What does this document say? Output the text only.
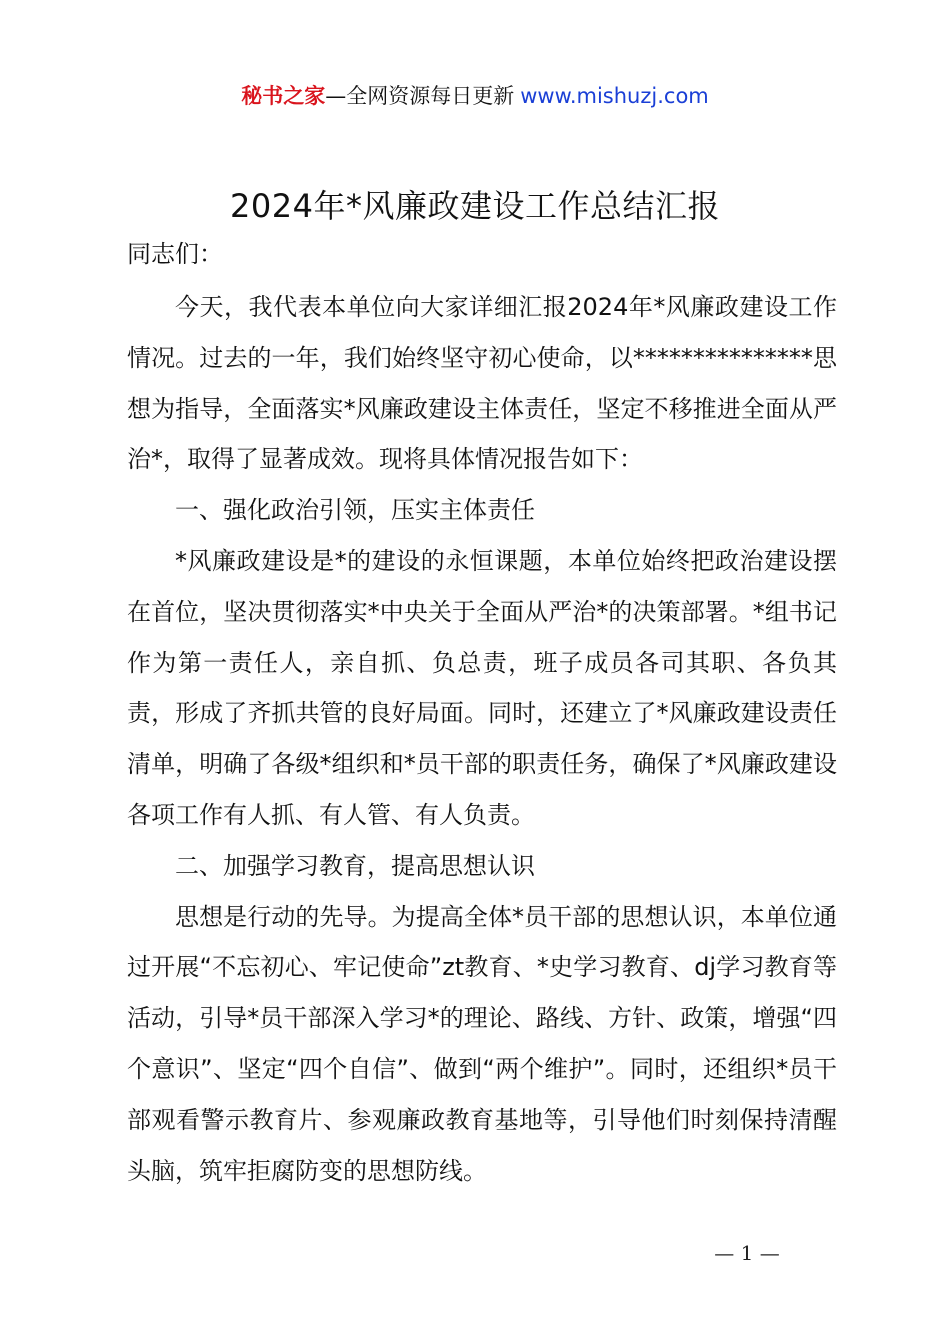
秘书之家—全网资源每日更新 www.mishuzj.com
2024年*风廉政建设工作总结汇报

同志们：

今天，我代表本单位向大家详细汇报2024年*风廉政建设工作情况。过去的一年，我们始终坚守初心使命，以***************思想为指导，全面落实*风廉政建设主体责任，坚定不移推进全面从严治*，取得了显著成效。现将具体情况报告如下：

一、强化政治引领，压实主体责任

*风廉政建设是*的建设的永恒课题，本单位始终把政治建设摆在首位，坚决贯彻落实*中央关于全面从严治*的决策部署。*组书记作为第一责任人，亲自抓、负总责，班子成员各司其职、各负其责，形成了齐抓共管的良好局面。同时，还建立了*风廉政建设责任清单，明确了各级*组织和*员干部的职责任务，确保了*风廉政建设各项工作有人抓、有人管、有人负责。

二、加强学习教育，提高思想认识

思想是行动的先导。为提高全体*员干部的思想认识，本单位通过开展“不忘初心、牢记使命”zt教育、*史学习教育、dj学习教育等活动，引导*员干部深入学习*的理论、路线、方针、政策，增强“四个意识”、坚定“四个自信”、做到“两个维护”。同时，还组织*员干部观看警示教育片、参观廉政教育基地等，引导他们时刻保持清醒头脑，筑牢拒腐防变的思想防线。

— 1 —
